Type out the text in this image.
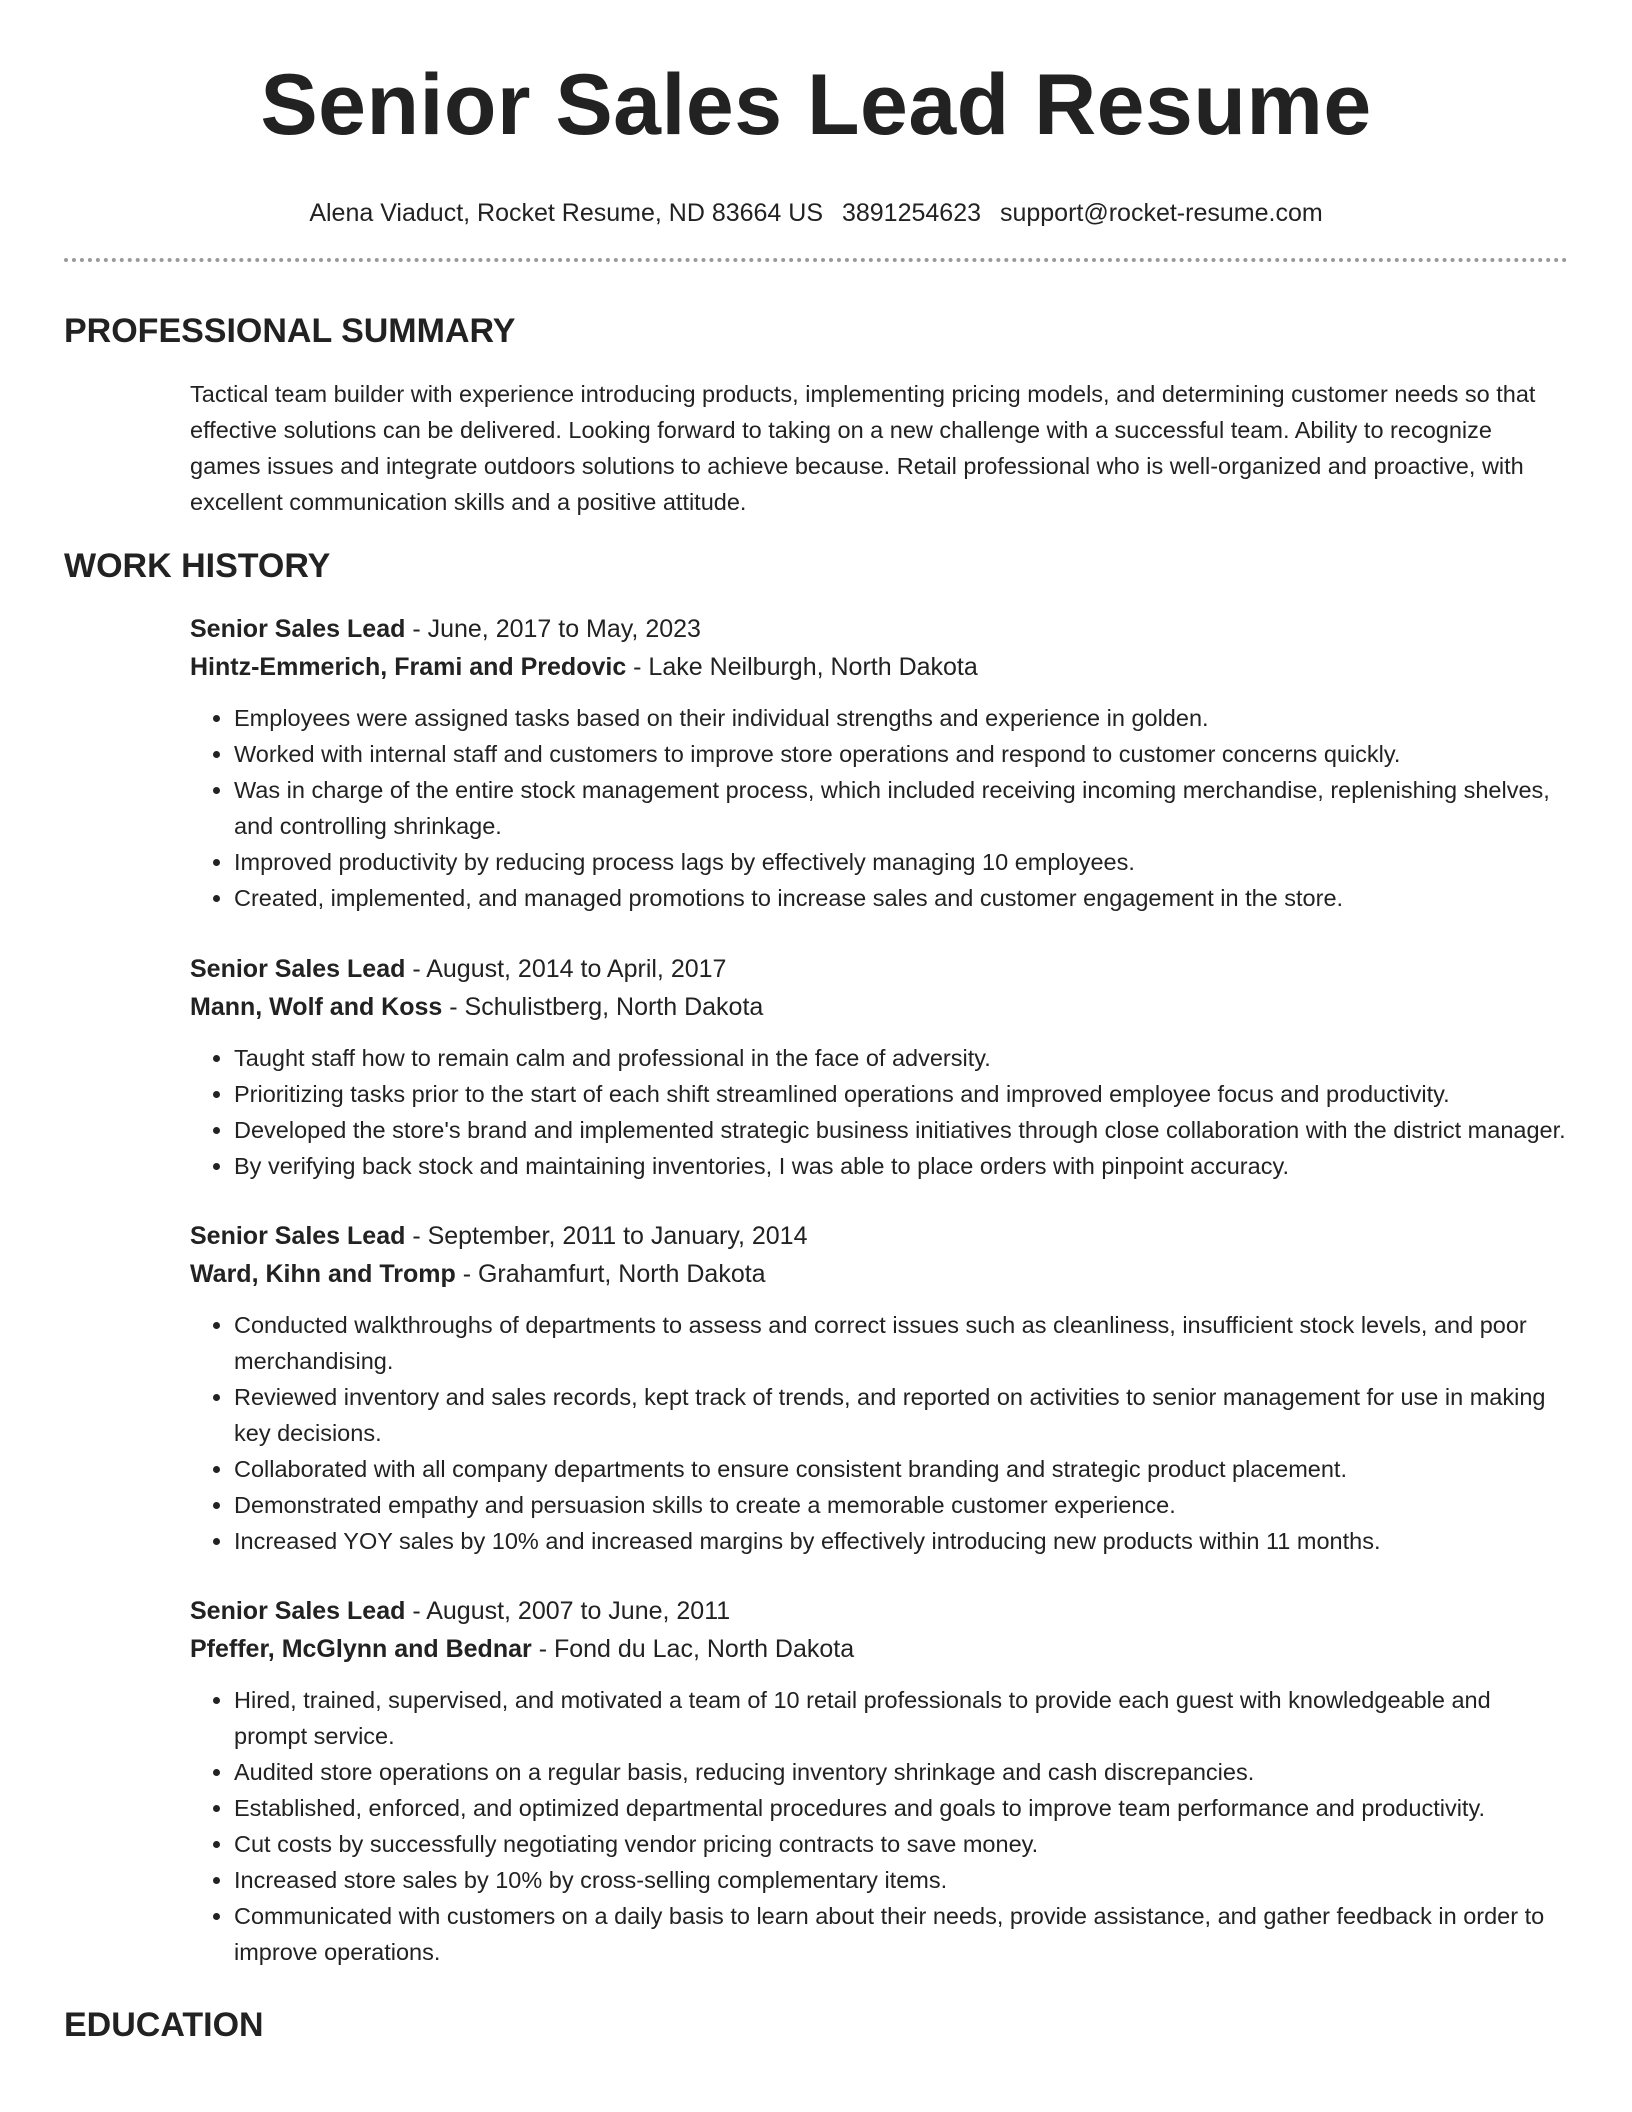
Senior Sales Lead Resume
Alena Viaduct, Rocket Resume, ND 83664 US 3891254623 support@rocket-resume.com
PROFESSIONAL SUMMARY

Tactical team builder with experience introducing products, implementing pricing models, and determining customer needs so that effective solutions can be delivered. Looking forward to taking on a new challenge with a successful team. Ability to recognize games issues and integrate outdoors solutions to achieve because. Retail professional who is well-organized and proactive, with excellent communication skills and a positive attitude.

WORK HISTORY
Senior Sales Lead - June, 2017 to May, 2023
Hintz-Emmerich, Frami and Predovic - Lake Neilburgh, North Dakota
• Employees were assigned tasks based on their individual strengths and experience in golden.
• Worked with internal staff and customers to improve store operations and respond to customer concerns quickly.
• Was in charge of the entire stock management process, which included receiving incoming merchandise, replenishing shelves, and controlling shrinkage.
• Improved productivity by reducing process lags by effectively managing 10 employees.
• Created, implemented, and managed promotions to increase sales and customer engagement in the store.
Senior Sales Lead - August, 2014 to April, 2017
Mann, Wolf and Koss - Schulistberg, North Dakota
• Taught staff how to remain calm and professional in the face of adversity.
• Prioritizing tasks prior to the start of each shift streamlined operations and improved employee focus and productivity.
• Developed the store's brand and implemented strategic business initiatives through close collaboration with the district manager.
• By verifying back stock and maintaining inventories, I was able to place orders with pinpoint accuracy.
Senior Sales Lead - September, 2011 to January, 2014
Ward, Kihn and Tromp - Grahamfurt, North Dakota
• Conducted walkthroughs of departments to assess and correct issues such as cleanliness, insufficient stock levels, and poor merchandising.
• Reviewed inventory and sales records, kept track of trends, and reported on activities to senior management for use in making key decisions.
• Collaborated with all company departments to ensure consistent branding and strategic product placement.
• Demonstrated empathy and persuasion skills to create a memorable customer experience.
• Increased YOY sales by 10% and increased margins by effectively introducing new products within 11 months.
Senior Sales Lead - August, 2007 to June, 2011
Pfeffer, McGlynn and Bednar - Fond du Lac, North Dakota
• Hired, trained, supervised, and motivated a team of 10 retail professionals to provide each guest with knowledgeable and prompt service.
• Audited store operations on a regular basis, reducing inventory shrinkage and cash discrepancies.
• Established, enforced, and optimized departmental procedures and goals to improve team performance and productivity.
• Cut costs by successfully negotiating vendor pricing contracts to save money.
• Increased store sales by 10% by cross-selling complementary items.
• Communicated with customers on a daily basis to learn about their needs, provide assistance, and gather feedback in order to improve operations.
EDUCATION
